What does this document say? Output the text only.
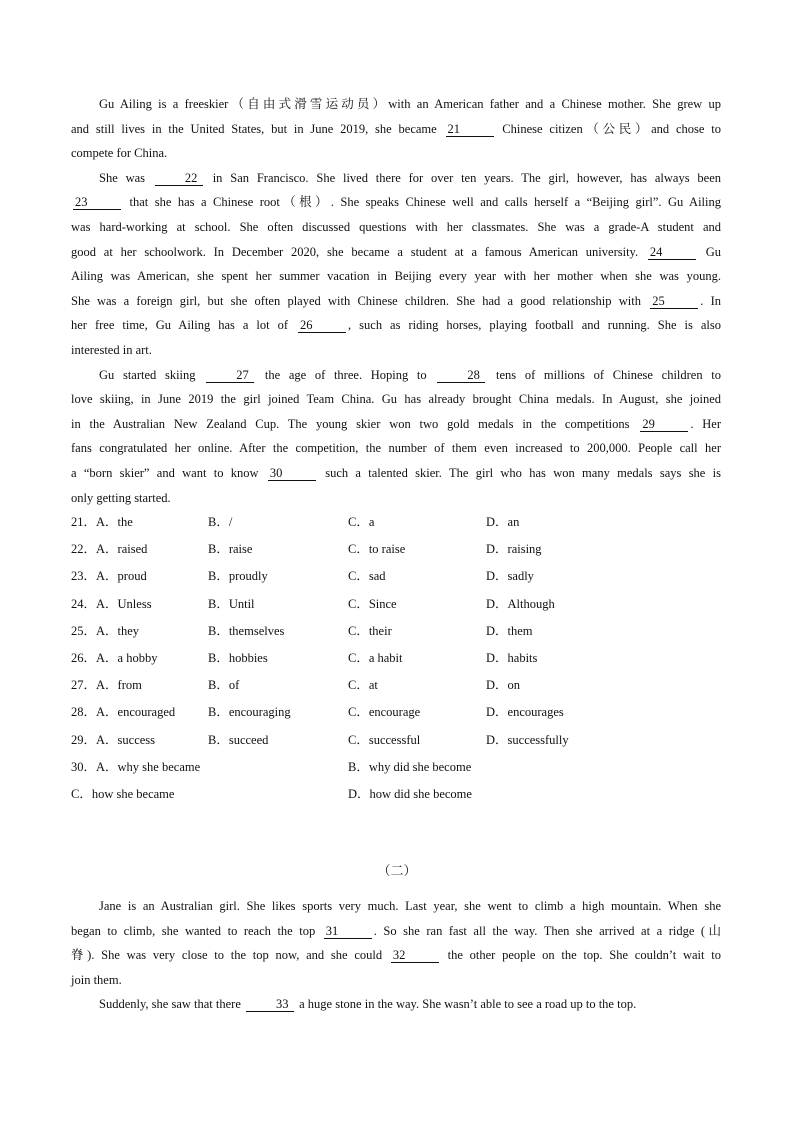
Gu Ailing is a freeskier（自由式滑雪运动员）with an American father and a Chinese mother. She grew up
and still lives in the United States, but in June 2019, she became 21	Chinese citizen（公民）and chose to
compete for China.
She was	22 in San Francisco. She lived there for over ten years. The girl, however, has always been
23	that she has a Chinese root（根）. She speaks Chinese well and calls herself a “Beijing girl”. Gu Ailing
was hard-working at school. She often discussed questions with her classmates. She was a grade-A student and
good at her schoolwork. In December 2020, she became a student at a famous American university. 24	Gu
Ailing was American, she spent her summer vacation in Beijing every year with her mother when she was young.
She was a foreign girl, but she often played with Chinese children. She had a good relationship with 25	. In
her free time, Gu Ailing has a lot of 26	, such as riding horses, playing football and running. She is also
interested in art.
Gu started skiing	27 the age of three. Hoping to	28 tens of millions of Chinese children to
love skiing, in June 2019 the girl joined Team China. Gu has already brought China medals. In August, she joined
in the Australian New Zealand Cup. The young skier won two gold medals in the competitions 29	. Her
fans congratulated her online. After the competition, the number of them even increased to 200,000. People call her
a “born skier” and want to know 30	such a talented skier. The girl who has won many medals says she is
only getting started.
21．A．the	B．/	C．a	D．an
22．A．raised	B．raise	C．to raise	D．raising
23．A．proud	B．proudly	C．sad	D．sadly
24．A．Unless	B．Until	C．Since	D．Although
25．A．they	B．themselves	C．their	D．them
26．A．a hobby	B．hobbies	C．a habit	D．habits
27．A．from	B．of	C．at	D．on
28．A．encouraged	B．encouraging	C．encourage	D．encourages
29．A．success	B．succeed	C．successful	D．successfully
30．A．why she became	B．why did she become
C．how she became	D．how did she become
（二）
Jane is an Australian girl. She likes sports very much. Last year, she went to climb a high mountain. When she
began to climb, she wanted to reach the top 31	. So she ran fast all the way. Then she arrived at a ridge (山
脊). She was very close to the top now, and she could 32	the other people on the top. She couldn’t wait to
join them.
Suddenly, she saw that there	33 a huge stone in the way. She wasn’t able to see a road up to the top.
